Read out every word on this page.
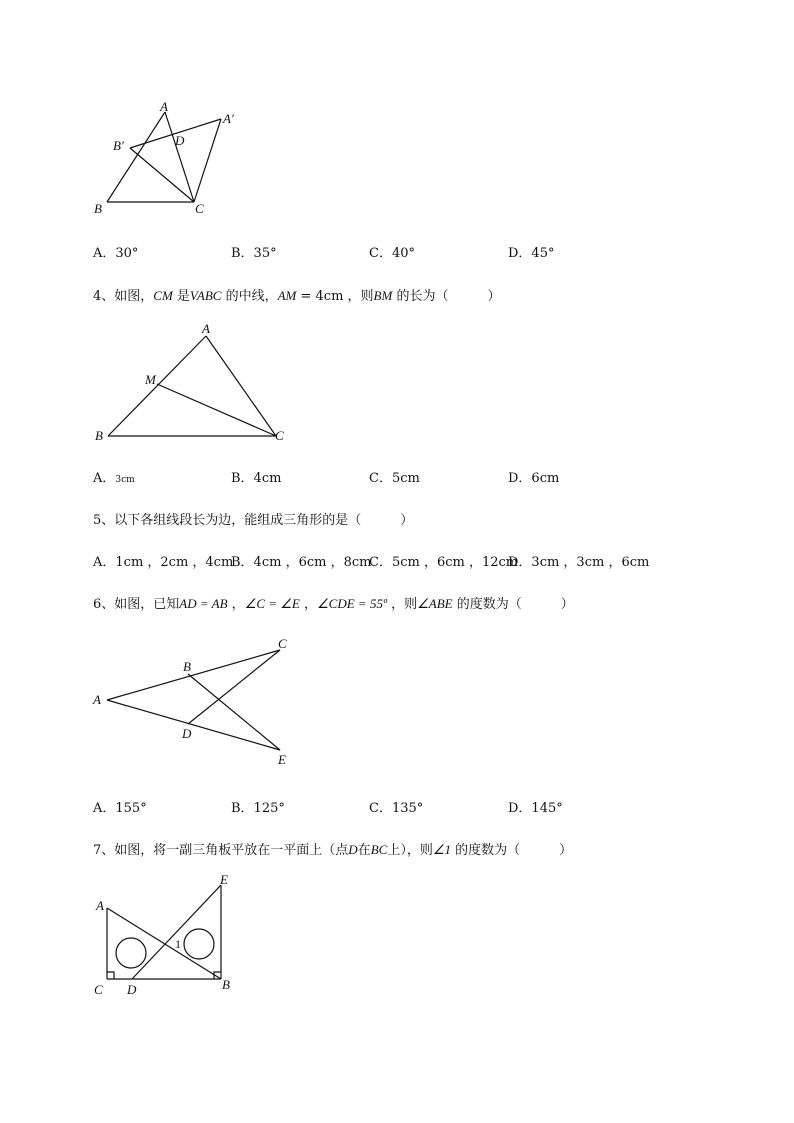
A
A′
B′	D
B	C
A．30°	B．35°	C．40°	D．45°
4、如图，CM 是VABC 的中线，AM = 4cm ，则BM 的长为（　　　）
A
M
B	C
A．3cm	B．4cm	C．5cm	D．6cm
5、以下各组线段长为边，能组成三角形的是（　　　）
A．1cm ，2cm ，4cm
B．4cm ，6cm ，8cm
C．5cm ，6cm ，12cm
D．3cm ，3cm ，6cm
6、如图，已知AD = AB ，∠C = ∠E ，∠CDE = 55º ，则∠ABE 的度数为（　　　）
B
C
A
D
E
A．155°	B．125°	C．135°	D．145°
7、如图，将一副三角板平放在一平面上（点D在BC上），则∠1 的度数为（　　　）
A
E
1
C D	B
